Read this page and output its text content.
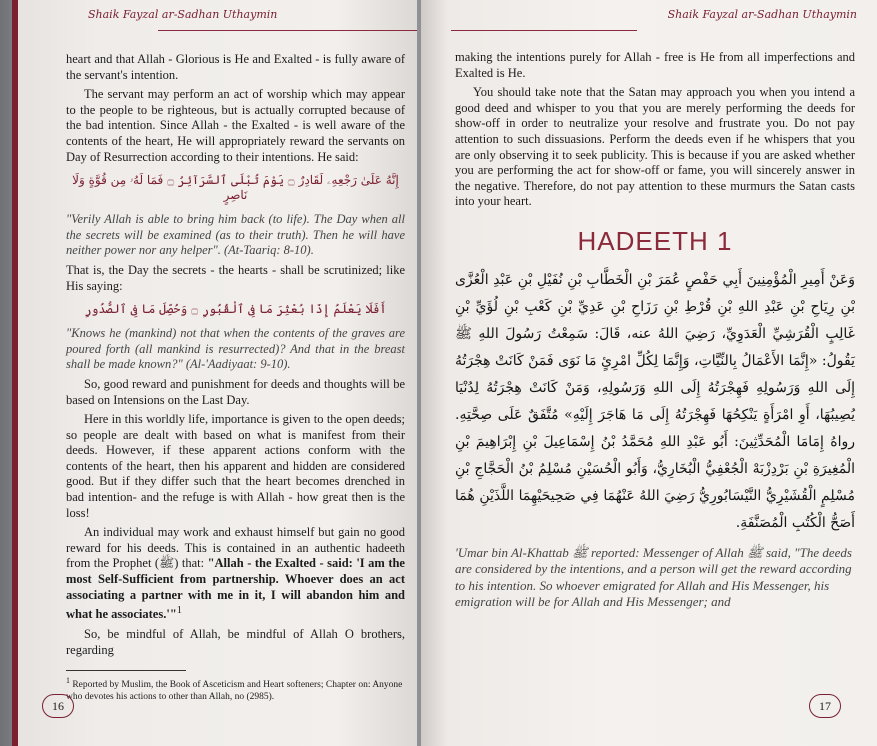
Shaik Fayzal ar-Sadhan Uthaymin

heart and that Allah - Glorious is He and Exalted - is fully aware of the servant's intention.

The servant may perform an act of worship which may appear to the people to be righteous, but is actually corrupted because of the bad intention. Since Allah - the Exalted - is well aware of the contents of the heart, He will appropriately reward the servants on Day of Resurrection according to their intentions. He said:

إِنَّهُ عَلَىٰ رَجْعِهِۦ لَقَادِرٌ ۝ يَوْمَ تُبْلَى ٱلسَّرَآئِرُ ۝ فَمَا لَهُۥ مِن قُوَّةٍ وَلَا نَاصِرٍ

"Verily Allah is able to bring him back (to life). The Day when all the secrets will be examined (as to their truth). Then he will have neither power nor any helper". (At-Taariq: 8-10).

That is, the Day the secrets - the hearts - shall be scrutinized; like His saying:

أَفَلَا يَعْلَمُ إِذَا بُعْثِرَ مَا فِى ٱلْقُبُورِ ۝ وَحُصِّلَ مَا فِى ٱلصُّدُورِ

"Knows he (mankind) not that when the contents of the graves are poured forth (all mankind is resurrected)? And that in the breast shall be made known?" (Al-'Aadiyaat: 9-10).

So, good reward and punishment for deeds and thoughts will be based on Intensions on the Last Day.

Here in this worldly life, importance is given to the open deeds; so people are dealt with based on what is manifest from their deeds. However, if these apparent actions conform with the contents of the heart, then his apparent and hidden are considered good. But if they differ such that the heart becomes drenched in bad intention- and the refuge is with Allah - how great then is the loss!

An individual may work and exhaust himself but gain no good reward for his deeds. This is contained in an authentic hadeeth from the Prophet (ﷺ) that: "Allah - the Exalted - said: 'I am the most Self-Sufficient from partnership. Whoever does an act associating a partner with me in it, I will abandon him and what he associates.'"$^1$

So, be mindful of Allah, be mindful of Allah O brothers, regarding

$^1$ Reported by Muslim, the Book of Asceticism and Heart softeners; Chapter on: Anyone who devotes his actions to other than Allah, no (2985).
16
Shaik Fayzal ar-Sadhan Uthaymin

making the intentions purely for Allah - free is He from all imperfections and Exalted is He.

You should take note that the Satan may approach you when you intend a good deed and whisper to you that you are merely performing the deeds for show-off in order to neutralize your resolve and frustrate you. Do not pay attention to such dissuasions. Perform the deeds even if he whispers that you are only observing it to seek publicity. This is because if you are asked whether you are performing the act for show-off or fame, you will sincerely answer in the negative. Therefore, do not pay attention to these murmurs the Satan casts into your heart.

HADEETH 1
وَعَنْ أَمِيرِ الْمُؤْمِنِينَ أَبِي حَفْصٍ عُمَرَ بْنِ الْخَطَّابِ بْنِ نُفَيْلِ بْنِ عَبْدِ الْعُزَّى بْنِ رِيَاحِ بْنِ عَبْدِ اللهِ بْنِ قُرْطِ بْنِ رَزَاحِ بْنِ عَدِيِّ بْنِ كَعْبِ بْنِ لُؤَيِّ بْنِ غَالِبٍ الْقُرَشِيِّ الْعَدَوِيِّ، رَضِيَ اللهُ عنه، قَالَ: سَمِعْتُ رَسُولَ اللهِ ﷺ يَقُولُ: «إِنَّمَا الأَعْمَالُ بِالنِّيَّاتِ، وَإِنَّمَا لِكُلِّ امْرِئٍ مَا نَوَى فَمَنْ كَانَتْ هِجْرَتُهُ إِلَى اللهِ وَرَسُولِهِ فَهِجْرَتُهُ إِلَى اللهِ وَرَسُولِهِ، وَمَنْ كَانَتْ هِجْرَتُهُ لِدُنْيَا يُصِيبُهَا، أَوِ امْرَأَةٍ يَنْكِحُهَا فَهِجْرَتُهُ إِلَى مَا هَاجَرَ إِلَيْهِ» مُتَّفَقٌ عَلَى صِحَّتِهِ. رواهُ إِمَامَا الْمُحَدِّثِينَ: أَبُو عَبْدِ اللهِ مُحَمَّدُ بْنُ إِسْمَاعِيلَ بْنِ إِبْرَاهِيمَ بْنِ الْمُغِيرَةِ بْنِ بَرْدِزْبَهْ الْجُعْفِيُّ الْبُخَارِيُّ، وَأَبُو الْحُسَيْنِ مُسْلِمُ بْنُ الْحَجَّاجِ بْنِ مُسْلِمٍ الْقُشَيْرِيُّ النَّيْسَابُورِيُّ رَضِيَ اللهُ عَنْهُمَا فِي صَحِيحَيْهِمَا اللَّذَيْنِ هُمَا أَصَحُّ الْكُتُبِ الْمُصَنَّفَةِ.
'Umar bin Al-Khattab ﷺ reported: Messenger of Allah ﷺ said, "The deeds are considered by the intentions, and a person will get the reward according to his intention. So whoever emigrated for Allah and His Messenger, his emigration will be for Allah and His Messenger; and
17
